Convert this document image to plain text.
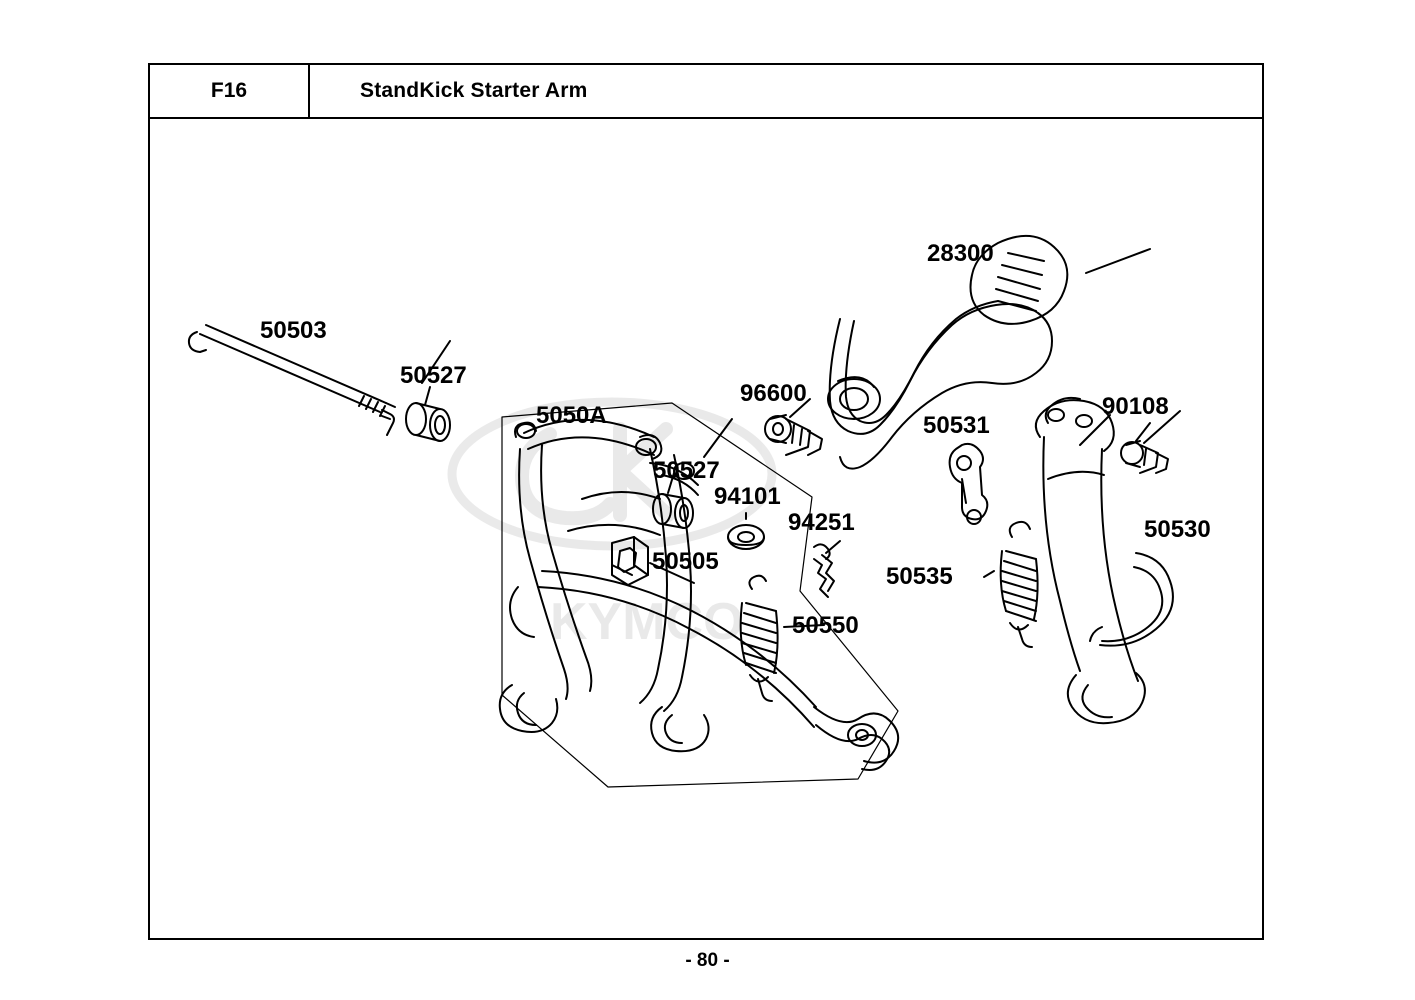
F16	StandKick Starter Arm
KYMCO
50503
50527
5050A
50527
94101
94251
50505
50550
96600
28300
50531
50535
90108
50530
- 80 -
